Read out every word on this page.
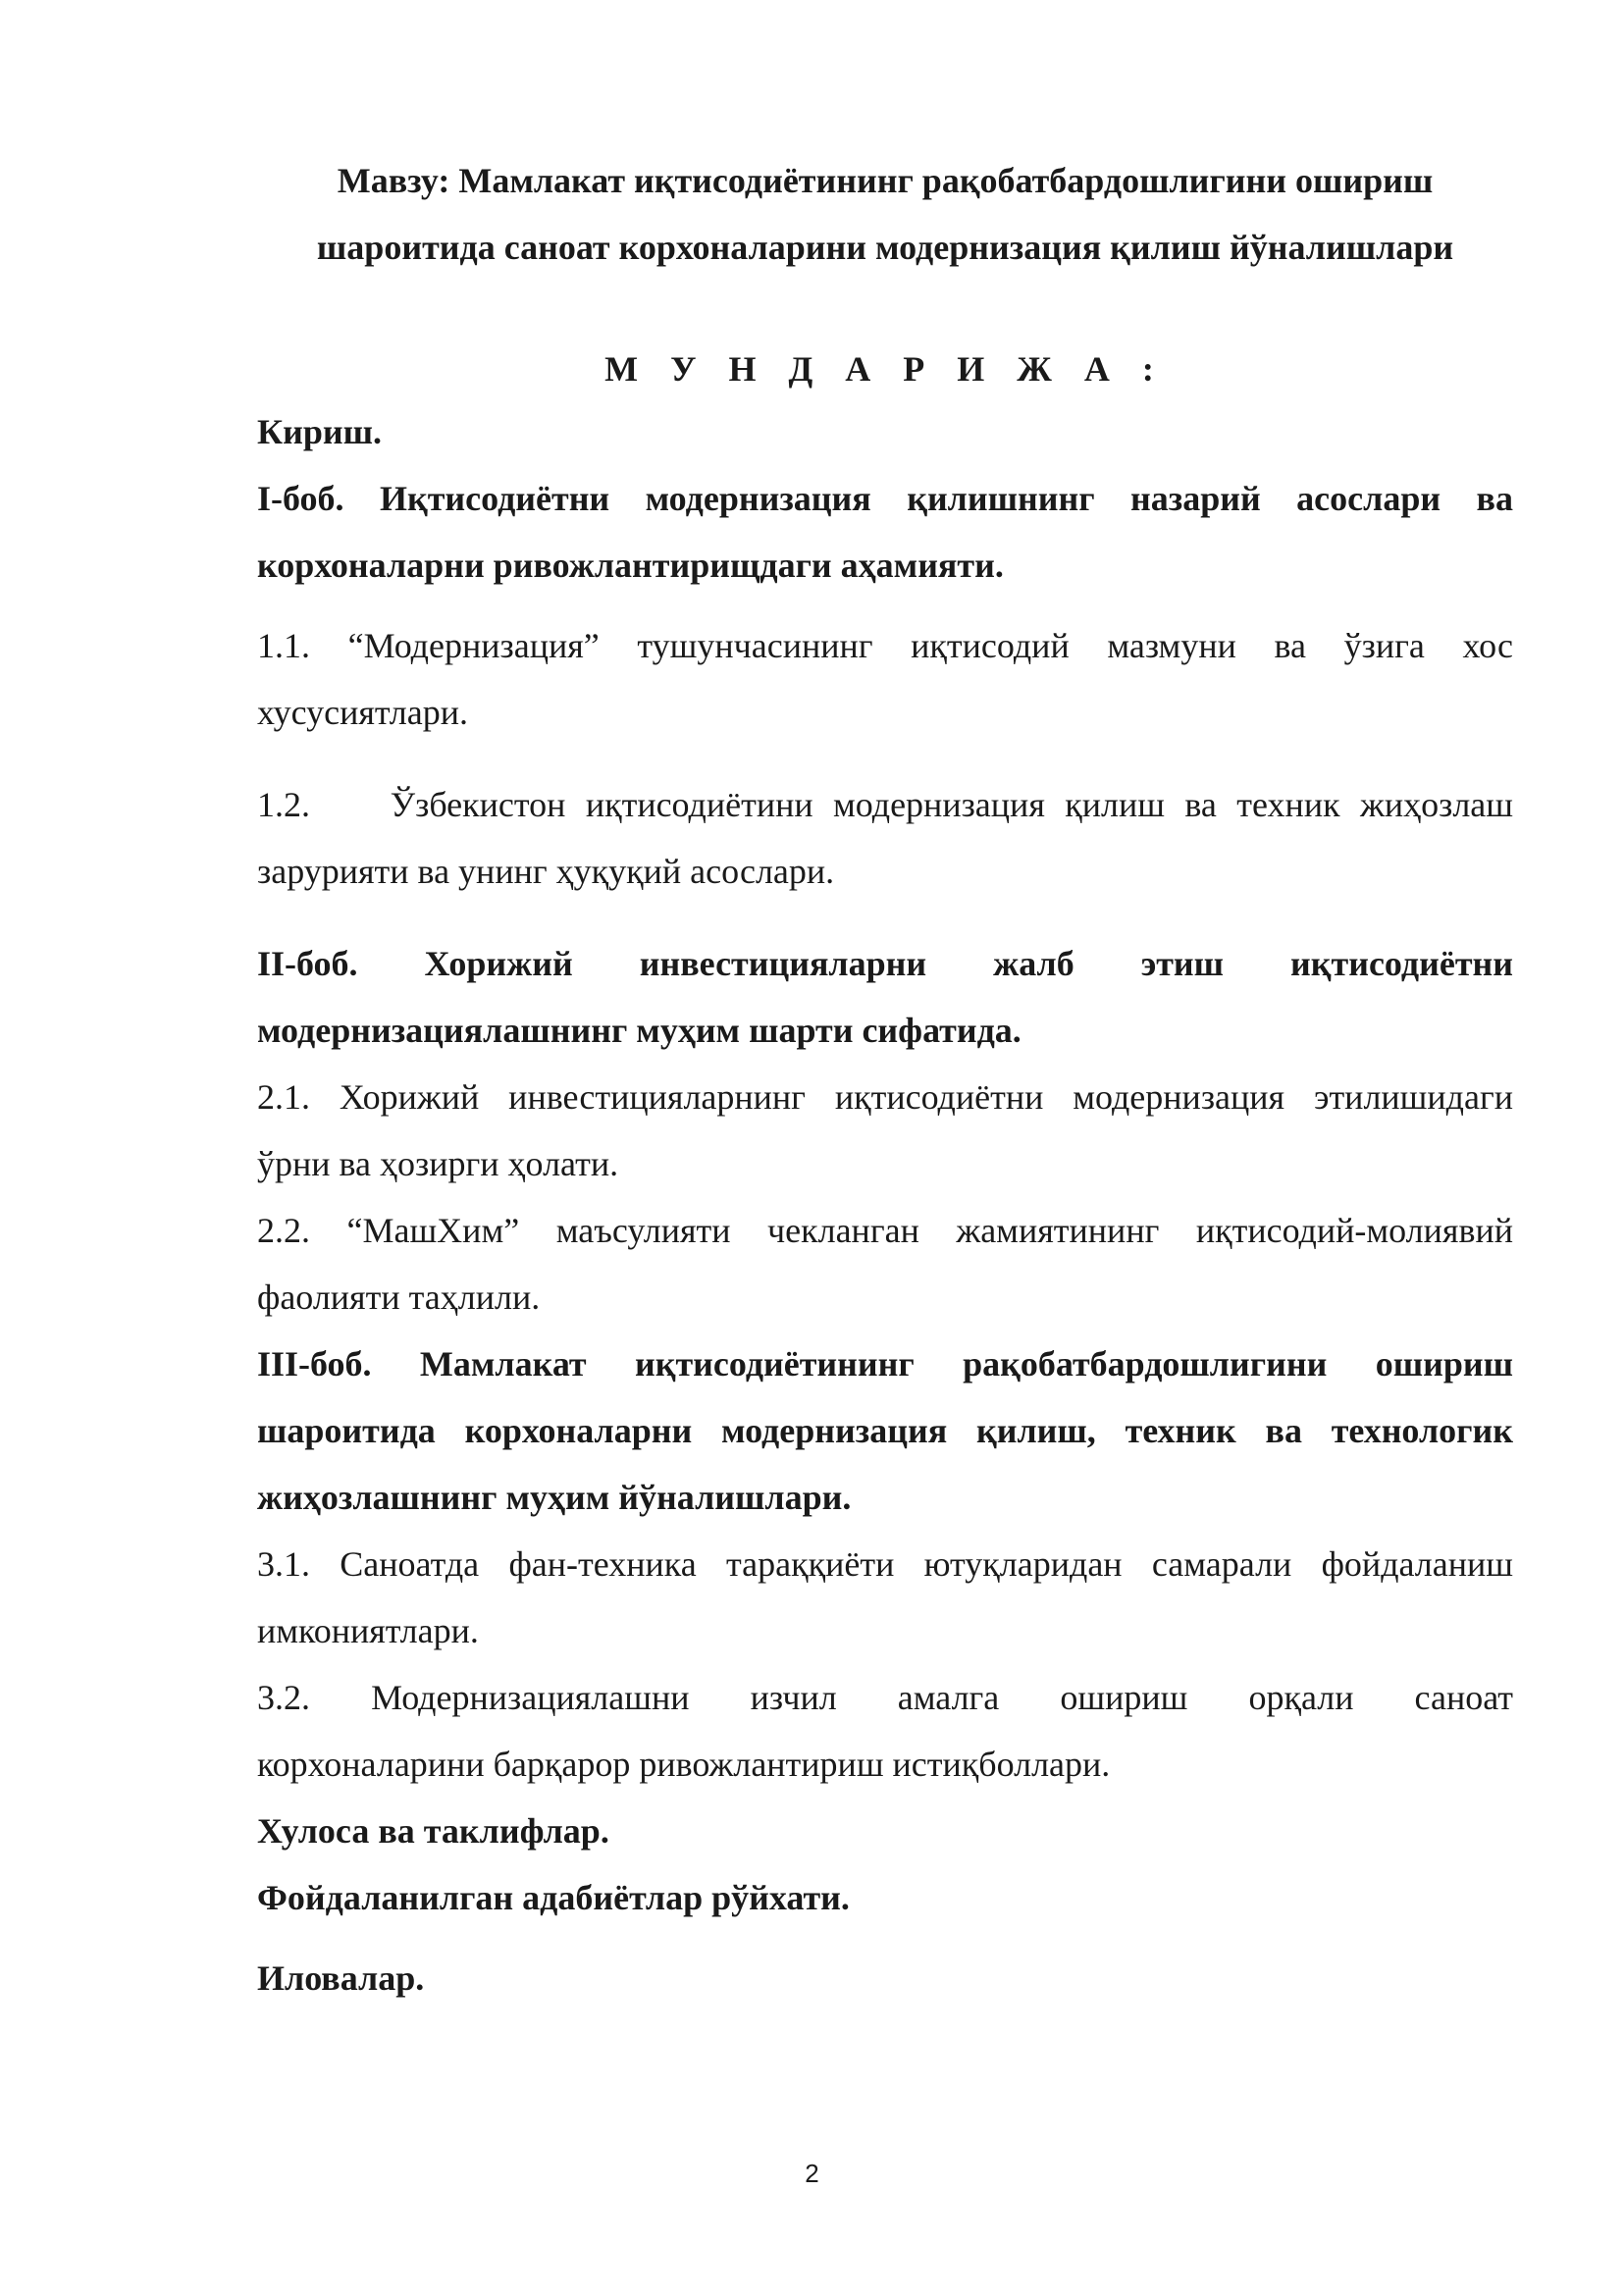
Мавзу: Мамлакат иқтисодиётининг рақобатбардошлигини ошириш
шароитида саноат корхоналарини модернизация қилиш йўналишлари

М У Н Д А Р И Ж А :

Кириш.

I-боб. Иқтисодиётни модернизация қилишнинг назарий асослари ва
корхоналарни ривожлантирищдаги аҳамияти.

1.1. “Модернизация” тушунчасининг иқтисодий мазмуни ва ўзига хос
хусусиятлари.

1.2.    Ўзбекистон иқтисодиётини модернизация қилиш ва техник жиҳозлаш
зарурияти ва унинг ҳуқуқий асослари.

II-боб. Хорижий инвестицияларни жалб этиш иқтисодиётни
модернизациялашнинг муҳим шарти сифатида.

2.1. Хорижий инвестицияларнинг иқтисодиётни модернизация этилишидаги
ўрни ва ҳозирги ҳолати.

2.2. “МашХим” маъсулияти чекланган жамиятининг иқтисодий-молиявий
фаолияти таҳлили.

III-боб. Мамлакат иқтисодиётининг рақобатбардошлигини ошириш
шароитида корхоналарни модернизация қилиш, техник ва технологик
жиҳозлашнинг муҳим йўналишлари.

3.1. Саноатда фан-техника тараққиёти ютуқларидан самарали фойдаланиш
имкониятлари.

3.2. Модернизациялашни изчил амалга ошириш орқали саноат
корхоналарини барқарор ривожлантириш истиқболлари.

Хулоса ва таклифлар.

Фойдаланилган адабиётлар рўйхати.

Иловалар.

2
